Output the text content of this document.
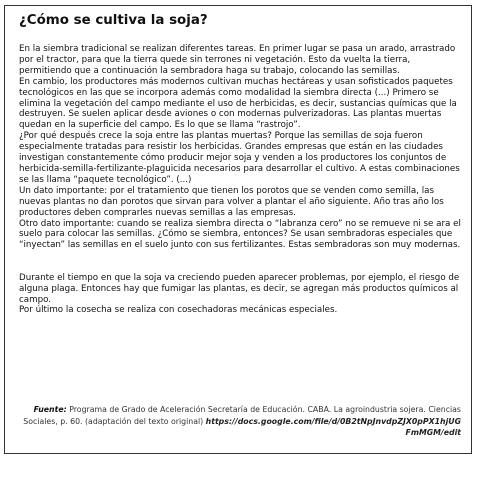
¿Cómo se cultiva la soja?

En la siembra tradicional se realizan diferentes tareas. En primer lugar se pasa un arado, arrastrado por el tractor, para que la tierra quede sin terrones ni vegetación. Esto da vuelta la tierra, permitiendo que a continuación la sembradora haga su trabajo, colocando las semillas.

En cambio, los productores más modernos cultivan muchas hectáreas y usan sofisticados paquetes tecnológicos en las que se incorpora además como modalidad la siembra directa (...) Primero se elimina la vegetación del campo mediante el uso de herbicidas, es decir, sustancias químicas que la destruyen. Se suelen aplicar desde aviones o con modernas pulverizadoras. Las plantas muertas quedan en la superficie del campo. Es lo que se llama “rastrojo”.

¿Por qué después crece la soja entre las plantas muertas? Porque las semillas de soja fueron especialmente tratadas para resistir los herbicidas. Grandes empresas que están en las ciudades investigan constantemente cómo producir mejor soja y venden a los productores los conjuntos de herbicida-semilla-fertilizante-plaguicida necesarios para desarrollar el cultivo. A estas combinaciones se las llama “paquete tecnológico”. (...)

Un dato importante: por el tratamiento que tienen los porotos que se venden como semilla, las nuevas plantas no dan porotos que sirvan para volver a plantar el año siguiente. Año tras año los productores deben comprarles nuevas semillas a las empresas.

Otro dato importante: cuando se realiza siembra directa o “labranza cero” no se remueve ni se ara el suelo para colocar las semillas. ¿Cómo se siembra, entonces? Se usan sembradoras especiales que “inyectan” las semillas en el suelo junto con sus fertilizantes. Estas sembradoras son muy modernas.

Durante el tiempo en que la soja va creciendo pueden aparecer problemas, por ejemplo, el riesgo de alguna plaga. Entonces hay que fumigar las plantas, es decir, se agregan más productos químicos al campo.

Por último la cosecha se realiza con cosechadoras mecánicas especiales.

Fuente: Programa de Grado de Aceleración Secretaría de Educación. CABA. La agroindustria sojera. Ciencias Sociales, p. 60. (adaptación del texto original) https://docs.google.com/file/d/0B2tNpJnvdpZJX0pPX1hjUGFmMGM/edit
